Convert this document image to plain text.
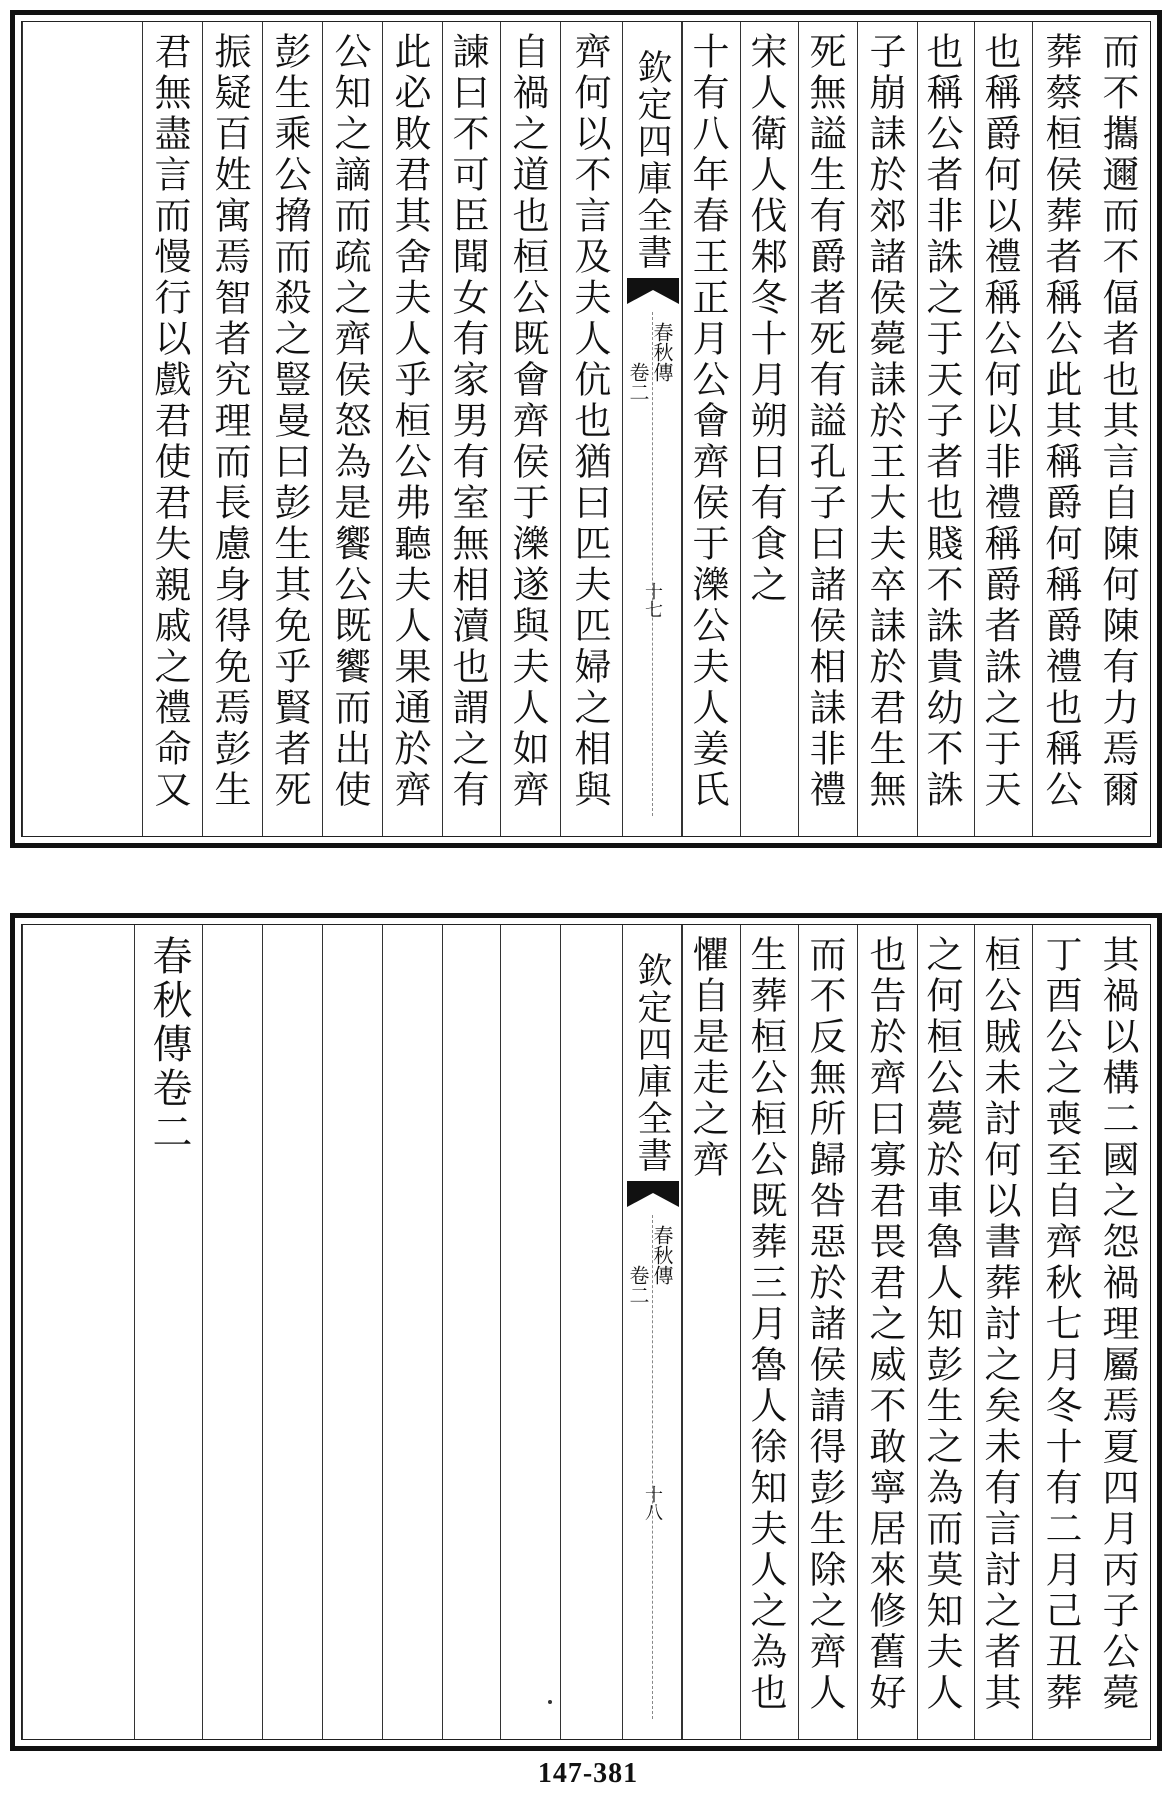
而不攜邇而不偪者也其言自陳何陳有力焉爾
葬蔡桓侯葬者稱公此其稱爵何稱爵禮也稱公
也稱爵何以禮稱公何以非禮稱爵者誅之于天
也稱公者非誅之于天子者也賤不誅貴幼不誅
子崩誄於郊諸侯薨誄於王大夫卒誄於君生無
死無謚生有爵者死有謚孔子曰諸侯相誄非禮
宋人衛人伐邾冬十月朔日有食之
十有八年春王正月公會齊侯于濼公夫人姜氏
欽定四庫全書
春秋傳
卷二
十七
齊何以不言及夫人伉也猶曰匹夫匹婦之相與
自禍之道也桓公既會齊侯于濼遂與夫人如齊
諫曰不可臣聞女有家男有室無相瀆也謂之有
此必敗君其舍夫人乎桓公弗聽夫人果通於齊
公知之謫而疏之齊侯怒為是饗公既饗而出使
彭生乘公搚而殺之豎曼曰彭生其免乎賢者死
振疑百姓寓焉智者究理而長慮身得免焉彭生
君無盡言而慢行以戲君使君失親戚之禮命又
其禍以構二國之怨禍理屬焉夏四月丙子公薨
丁酉公之喪至自齊秋七月冬十有二月己丑葬
桓公賊未討何以書葬討之矣未有言討之者其
之何桓公薨於車魯人知彭生之為而莫知夫人
也告於齊曰寡君畏君之威不敢寧居來修舊好
而不反無所歸咎惡於諸侯請得彭生除之齊人
生葬桓公桓公既葬三月魯人徐知夫人之為也
懼自是走之齊
欽定四庫全書
春秋傳
卷二
十八
春秋傳卷二
147-381
